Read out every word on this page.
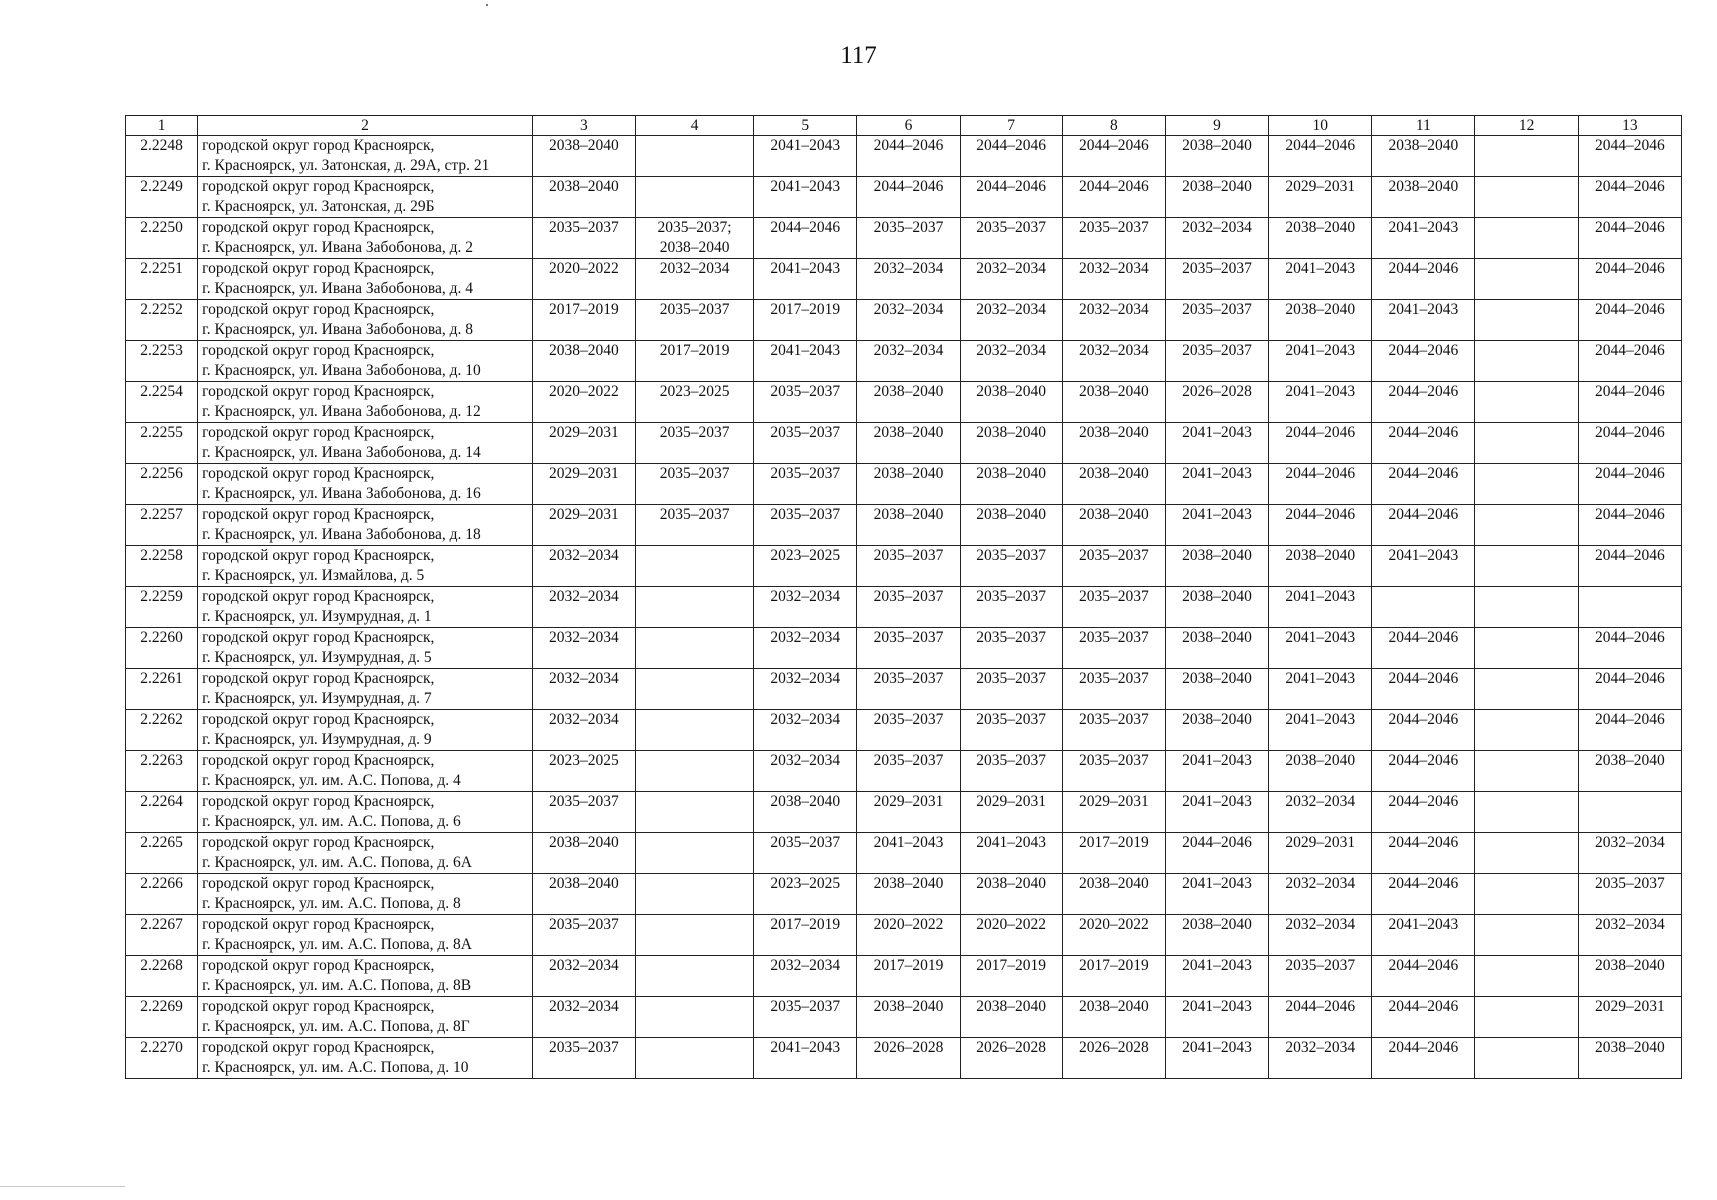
117
1	2	3	4	5	6	7	8	9	10	11	12	13
2.2248	городской округ город Красноярск,
г. Красноярск, ул. Затонская, д. 29А, стр. 21	2038–2040		2041–2043	2044–2046	2044–2046	2044–2046	2038–2040	2044–2046	2038–2040		2044–2046

2.2249	городской округ город Красноярск,
г. Красноярск, ул. Затонская, д. 29Б	2038–2040		2041–2043	2044–2046	2044–2046	2044–2046	2038–2040	2029–2031	2038–2040		2044–2046

2.2250	городской округ город Красноярск,
г. Красноярск, ул. Ивана Забобонова, д. 2	2035–2037	2035–2037;
2038–2040	2044–2046	2035–2037	2035–2037	2035–2037	2032–2034	2038–2040	2041–2043		2044–2046

2.2251	городской округ город Красноярск,
г. Красноярск, ул. Ивана Забобонова, д. 4	2020–2022	2032–2034	2041–2043	2032–2034	2032–2034	2032–2034	2035–2037	2041–2043	2044–2046		2044–2046

2.2252	городской округ город Красноярск,
г. Красноярск, ул. Ивана Забобонова, д. 8	2017–2019	2035–2037	2017–2019	2032–2034	2032–2034	2032–2034	2035–2037	2038–2040	2041–2043		2044–2046

2.2253	городской округ город Красноярск,
г. Красноярск, ул. Ивана Забобонова, д. 10	2038–2040	2017–2019	2041–2043	2032–2034	2032–2034	2032–2034	2035–2037	2041–2043	2044–2046		2044–2046

2.2254	городской округ город Красноярск,
г. Красноярск, ул. Ивана Забобонова, д. 12	2020–2022	2023–2025	2035–2037	2038–2040	2038–2040	2038–2040	2026–2028	2041–2043	2044–2046		2044–2046

2.2255	городской округ город Красноярск,
г. Красноярск, ул. Ивана Забобонова, д. 14	2029–2031	2035–2037	2035–2037	2038–2040	2038–2040	2038–2040	2041–2043	2044–2046	2044–2046		2044–2046

2.2256	городской округ город Красноярск,
г. Красноярск, ул. Ивана Забобонова, д. 16	2029–2031	2035–2037	2035–2037	2038–2040	2038–2040	2038–2040	2041–2043	2044–2046	2044–2046		2044–2046

2.2257	городской округ город Красноярск,
г. Красноярск, ул. Ивана Забобонова, д. 18	2029–2031	2035–2037	2035–2037	2038–2040	2038–2040	2038–2040	2041–2043	2044–2046	2044–2046		2044–2046

2.2258	городской округ город Красноярск,
г. Красноярск, ул. Измайлова, д. 5	2032–2034		2023–2025	2035–2037	2035–2037	2035–2037	2038–2040	2038–2040	2041–2043		2044–2046

2.2259	городской округ город Красноярск,
г. Красноярск, ул. Изумрудная, д. 1	2032–2034		2032–2034	2035–2037	2035–2037	2035–2037	2038–2040	2041–2043			

2.2260	городской округ город Красноярск,
г. Красноярск, ул. Изумрудная, д. 5	2032–2034		2032–2034	2035–2037	2035–2037	2035–2037	2038–2040	2041–2043	2044–2046		2044–2046

2.2261	городской округ город Красноярск,
г. Красноярск, ул. Изумрудная, д. 7	2032–2034		2032–2034	2035–2037	2035–2037	2035–2037	2038–2040	2041–2043	2044–2046		2044–2046

2.2262	городской округ город Красноярск,
г. Красноярск, ул. Изумрудная, д. 9	2032–2034		2032–2034	2035–2037	2035–2037	2035–2037	2038–2040	2041–2043	2044–2046		2044–2046

2.2263	городской округ город Красноярск,
г. Красноярск, ул. им. А.С. Попова, д. 4	2023–2025		2032–2034	2035–2037	2035–2037	2035–2037	2041–2043	2038–2040	2044–2046		2038–2040

2.2264	городской округ город Красноярск,
г. Красноярск, ул. им. А.С. Попова, д. 6	2035–2037		2038–2040	2029–2031	2029–2031	2029–2031	2041–2043	2032–2034	2044–2046		

2.2265	городской округ город Красноярск,
г. Красноярск, ул. им. А.С. Попова, д. 6А	2038–2040		2035–2037	2041–2043	2041–2043	2017–2019	2044–2046	2029–2031	2044–2046		2032–2034

2.2266	городской округ город Красноярск,
г. Красноярск, ул. им. А.С. Попова, д. 8	2038–2040		2023–2025	2038–2040	2038–2040	2038–2040	2041–2043	2032–2034	2044–2046		2035–2037

2.2267	городской округ город Красноярск,
г. Красноярск, ул. им. А.С. Попова, д. 8А	2035–2037		2017–2019	2020–2022	2020–2022	2020–2022	2038–2040	2032–2034	2041–2043		2032–2034

2.2268	городской округ город Красноярск,
г. Красноярск, ул. им. А.С. Попова, д. 8В	2032–2034		2032–2034	2017–2019	2017–2019	2017–2019	2041–2043	2035–2037	2044–2046		2038–2040

2.2269	городской округ город Красноярск,
г. Красноярск, ул. им. А.С. Попова, д. 8Г	2032–2034		2035–2037	2038–2040	2038–2040	2038–2040	2041–2043	2044–2046	2044–2046		2029–2031

2.2270	городской округ город Красноярск,
г. Красноярск, ул. им. А.С. Попова, д. 10	2035–2037		2041–2043	2026–2028	2026–2028	2026–2028	2041–2043	2032–2034	2044–2046		2038–2040
